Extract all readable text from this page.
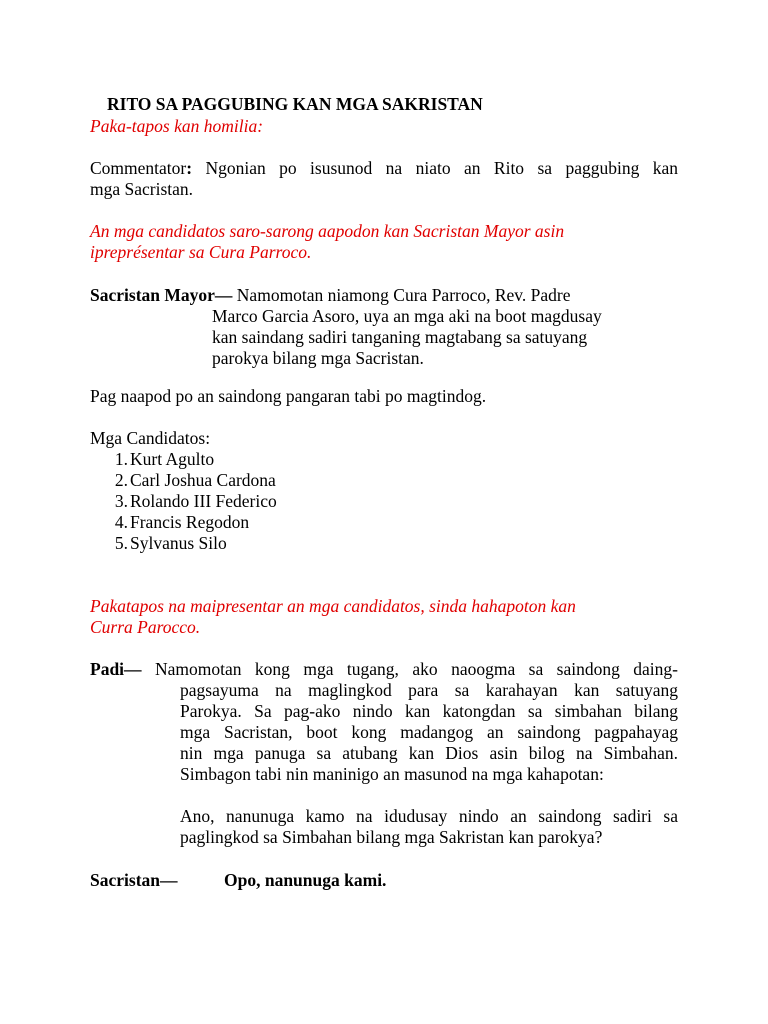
RITO SA PAGGUBING KAN MGA SAKRISTAN
Paka-tapos kan homilia:
Commentator: Ngonian po isusunod na niato an Rito sa paggubing kan
mga Sacristan.
An mga candidatos saro-sarong aapodon kan Sacristan Mayor asin
ipreprésentar sa Cura Parroco.
Sacristan Mayor— Namomotan niamong Cura Parroco, Rev. Padre
Marco Garcia Asoro, uya an mga aki na boot magdusay
kan saindang sadiri tanganing magtabang sa satuyang
parokya bilang mga Sacristan.
Pag naapod po an saindong pangaran tabi po magtindog.
Mga Candidatos:
1. Kurt Agulto
2. Carl Joshua Cardona
3. Rolando III Federico
4. Francis Regodon
5. Sylvanus Silo
Pakatapos na maipresentar an mga candidatos, sinda hahapoton kan
Curra Parocco.
Padi— Namomotan kong mga tugang, ako naoogma sa saindong daing-
pagsayuma na maglingkod para sa karahayan kan satuyang
Parokya. Sa pag-ako nindo kan katongdan sa simbahan bilang
mga Sacristan, boot kong madangog an saindong pagpahayag
nin mga panuga sa atubang kan Dios asin bilog na Simbahan.
Simbagon tabi nin maninigo an masunod na mga kahapotan:
Ano, nanunuga kamo na idudusay nindo an saindong sadiri sa
paglingkod sa Simbahan bilang mga Sakristan kan parokya?
Sacristan—	Opo, nanunuga kami.
